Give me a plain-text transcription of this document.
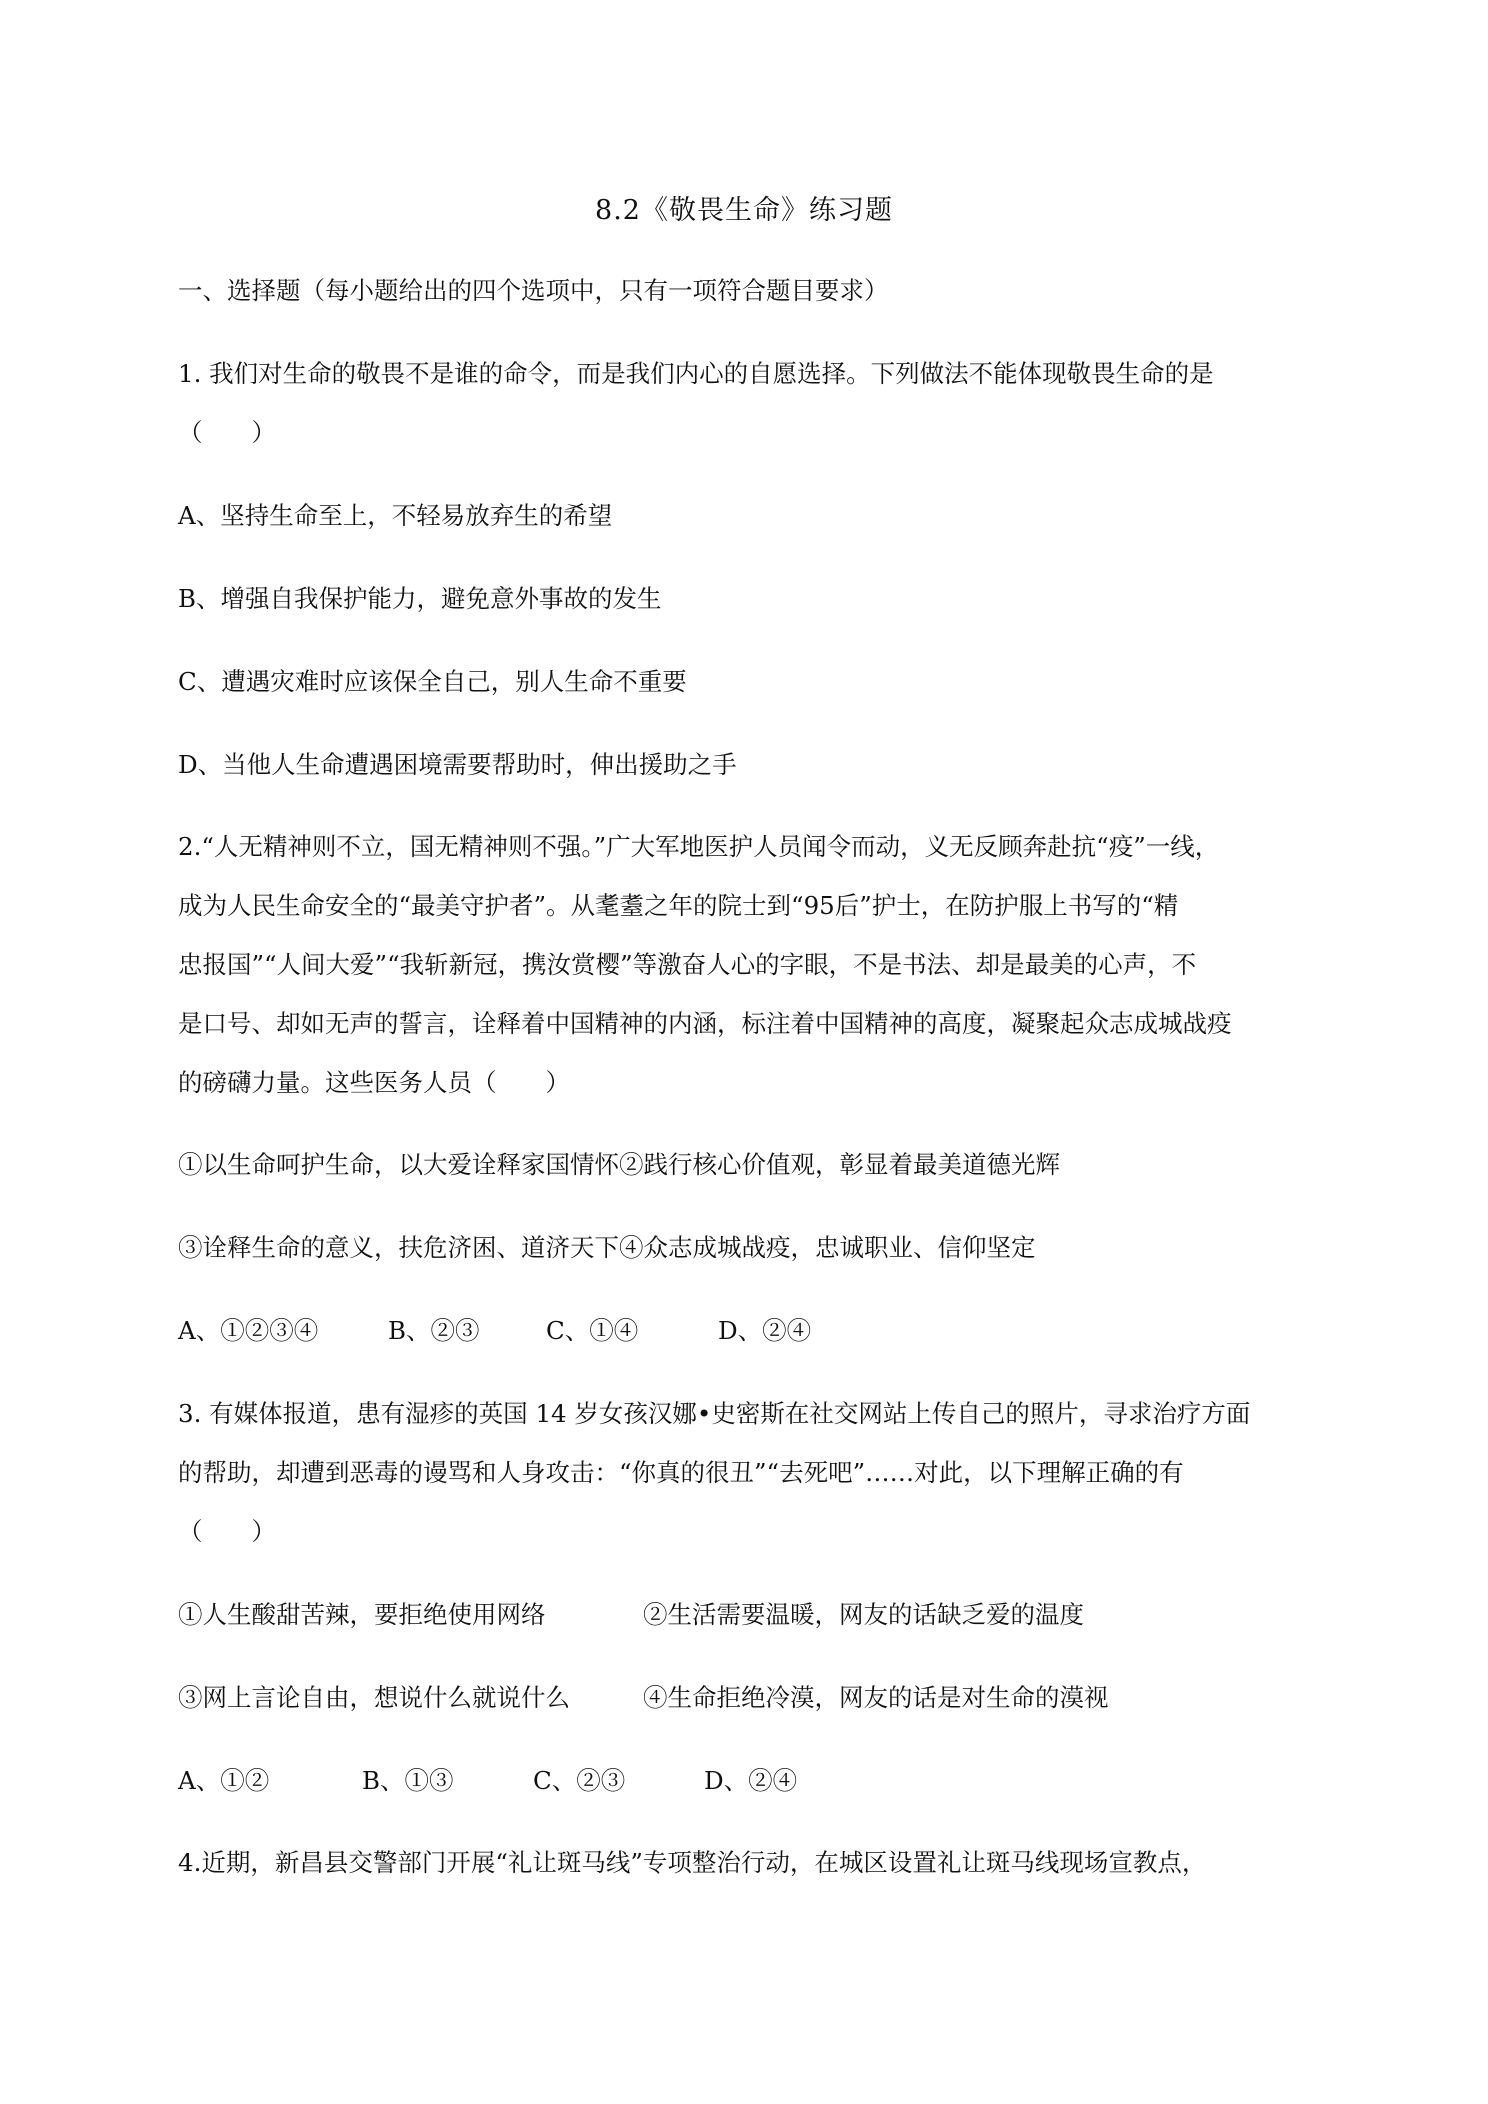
8.2《敬畏生命》练习题
一、选择题（每小题给出的四个选项中，只有一项符合题目要求）
1. 我们对生命的敬畏不是谁的命令，而是我们内心的自愿选择。下列做法不能体现敬畏生命的是
（　　）
A、坚持生命至上，不轻易放弃生的希望
B、增强自我保护能力，避免意外事故的发生
C、遭遇灾难时应该保全自己，别人生命不重要
D、当他人生命遭遇困境需要帮助时，伸出援助之手
2.“人无精神则不立，国无精神则不强。”广大军地医护人员闻令而动，义无反顾奔赴抗“疫”一线，
成为人民生命安全的“最美守护者”。从耄耋之年的院士到“95后”护士，在防护服上书写的“精
忠报国”“人间大爱”“我斩新冠，携汝赏樱”等激奋人心的字眼，不是书法、却是最美的心声，不
是口号、却如无声的誓言，诠释着中国精神的内涵，标注着中国精神的高度，凝聚起众志成城战疫
的磅礴力量。这些医务人员（　　）
①以生命呵护生命，以大爱诠释家国情怀②践行核心价值观，彰显着最美道德光辉
③诠释生命的意义，扶危济困、道济天下④众志成城战疫，忠诚职业、信仰坚定
A、①②③④	B、②③	C、①④	D、②④
3. 有媒体报道，患有湿疹的英国 14 岁女孩汉娜•史密斯在社交网站上传自己的照片，寻求治疗方面
的帮助，却遭到恶毒的谩骂和人身攻击：“你真的很丑”“去死吧”……对此，以下理解正确的有
（　　）
①人生酸甜苦辣，要拒绝使用网络	②生活需要温暖，网友的话缺乏爱的温度
③网上言论自由，想说什么就说什么	④生命拒绝冷漠，网友的话是对生命的漠视
A、①②	B、①③	C、②③	D、②④
4.近期，新昌县交警部门开展“礼让斑马线”专项整治行动，在城区设置礼让斑马线现场宣教点，
